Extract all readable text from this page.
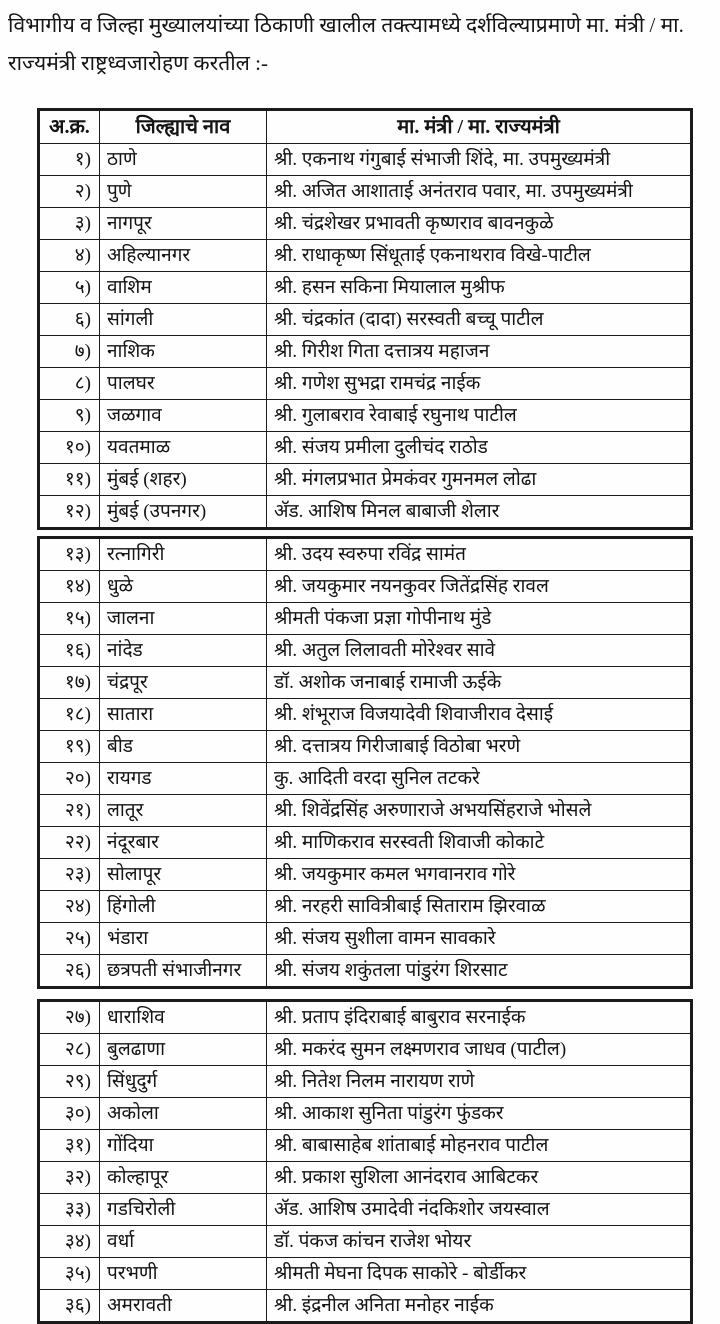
विभागीय व जिल्हा मुख्यालयांच्या ठिकाणी खालील तक्त्यामध्ये दर्शविल्याप्रमाणे मा. मंत्री / मा. राज्यमंत्री राष्ट्रध्वजारोहण करतील :-

अ.क्र.	जिल्ह्याचे नाव	मा. मंत्री / मा. राज्यमंत्री
१)	ठाणे	श्री. एकनाथ गंगुबाई संभाजी शिंदे, मा. उपमुख्यमंत्री
२)	पुणे	श्री. अजित आशाताई अनंतराव पवार, मा. उपमुख्यमंत्री
३)	नागपूर	श्री. चंद्रशेखर प्रभावती कृष्णराव बावनकुळे
४)	अहिल्यानगर	श्री. राधाकृष्ण सिंधूताई एकनाथराव विखे-पाटील
५)	वाशिम	श्री. हसन सकिना मियालाल मुश्रीफ
६)	सांगली	श्री. चंद्रकांत (दादा) सरस्वती बच्चू पाटील
७)	नाशिक	श्री. गिरीश गिता दत्तात्रय महाजन
८)	पालघर	श्री. गणेश सुभद्रा रामचंद्र नाईक
९)	जळगाव	श्री. गुलाबराव रेवाबाई रघुनाथ पाटील
१०)	यवतमाळ	श्री. संजय प्रमीला दुलीचंद राठोड
११)	मुंबई (शहर)	श्री. मंगलप्रभात प्रेमकंवर गुमनमल लोढा
१२)	मुंबई (उपनगर)	ॲड. आशिष मिनल बाबाजी शेलार
१३)	रत्नागिरी	श्री. उदय स्वरुपा रविंद्र सामंत
१४)	धुळे	श्री. जयकुमार नयनकुवर जितेंद्रसिंह रावल
१५)	जालना	श्रीमती पंकजा प्रज्ञा गोपीनाथ मुंडे
१६)	नांदेड	श्री. अतुल लिलावती मोरेश्वर सावे
१७)	चंद्रपूर	डॉ. अशोक जनाबाई रामाजी ऊईके
१८)	सातारा	श्री. शंभूराज विजयादेवी शिवाजीराव देसाई
१९)	बीड	श्री. दत्तात्रय गिरीजाबाई विठोबा भरणे
२०)	रायगड	कु. आदिती वरदा सुनिल तटकरे
२१)	लातूर	श्री. शिवेंद्रसिंह अरुणाराजे अभयसिंहराजे भोसले
२२)	नंदूरबार	श्री. माणिकराव सरस्वती शिवाजी कोकाटे
२३)	सोलापूर	श्री. जयकुमार कमल भगवानराव गोरे
२४)	हिंगोली	श्री. नरहरी सावित्रीबाई सिताराम झिरवाळ
२५)	भंडारा	श्री. संजय सुशीला वामन सावकारे
२६)	छत्रपती संभाजीनगर	श्री. संजय शकुंतला पांडुरंग शिरसाट
२७)	धाराशिव	श्री. प्रताप इंदिराबाई बाबुराव सरनाईक
२८)	बुलढाणा	श्री. मकरंद सुमन लक्ष्मणराव जाधव (पाटील)
२९)	सिंधुदुर्ग	श्री. नितेश निलम नारायण राणे
३०)	अकोला	श्री. आकाश सुनिता पांडुरंग फुंडकर
३१)	गोंदिया	श्री. बाबासाहेब शांताबाई मोहनराव पाटील
३२)	कोल्हापूर	श्री. प्रकाश सुशिला आनंदराव आबिटकर
३३)	गडचिरोली	ॲड. आशिष उमादेवी नंदकिशोर जयस्वाल
३४)	वर्धा	डॉ. पंकज कांचन राजेश भोयर
३५)	परभणी	श्रीमती मेघना दिपक साकोरे - बोर्डीकर
३६)	अमरावती	श्री. इंद्रनील अनिता मनोहर नाईक
